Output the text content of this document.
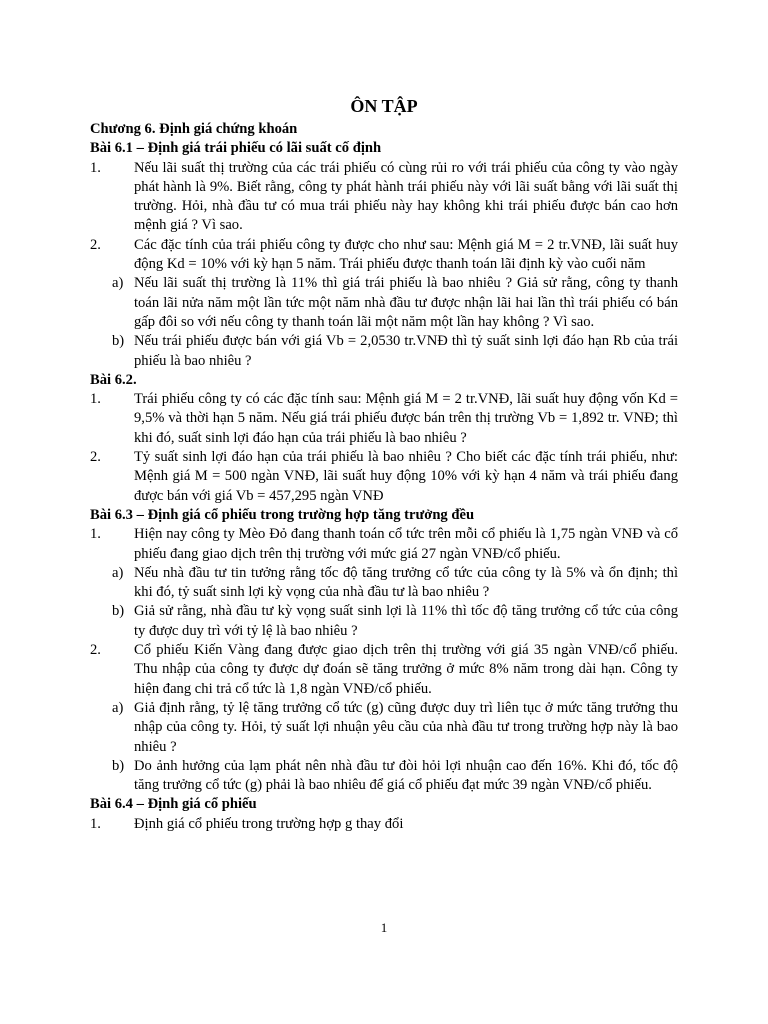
ÔN TẬP
Chương 6. Định giá chứng khoán
Bài 6.1 – Định giá trái phiếu có lãi suất cố định
1. Nếu lãi suất thị trường của các trái phiếu có cùng rủi ro với trái phiếu của công ty vào ngày phát hành là 9%. Biết rằng, công ty phát hành trái phiếu này với lãi suất bằng với lãi suất thị trường. Hỏi, nhà đầu tư có mua trái phiếu này hay không khi trái phiếu được bán cao hơn mệnh giá ? Vì sao.
2. Các đặc tính của trái phiếu công ty được cho như sau: Mệnh giá M = 2 tr.VNĐ, lãi suất huy động Kd = 10% với kỳ hạn 5 năm. Trái phiếu được thanh toán lãi định kỳ vào cuối năm
a) Nếu lãi suất thị trường là 11% thì giá trái phiếu là bao nhiêu ? Giả sử rằng, công ty thanh toán lãi nửa năm một lần tức một năm nhà đầu tư được nhận lãi hai lần thì trái phiếu có bán gấp đôi so với nếu công ty thanh toán lãi một năm một lần hay không ? Vì sao.
b) Nếu trái phiếu được bán với giá Vb = 2,0530 tr.VNĐ thì tỷ suất sinh lợi đáo hạn Rb của trái phiếu là bao nhiêu ?
Bài 6.2.
1. Trái phiếu công ty có các đặc tính sau: Mệnh giá M = 2 tr.VNĐ, lãi suất huy động vốn Kd = 9,5% và thời hạn 5 năm. Nếu giá trái phiếu được bán trên thị trường Vb = 1,892 tr. VNĐ; thì khi đó, suất sinh lợi đáo hạn của trái phiếu là bao nhiêu ?
2. Tỷ suất sinh lợi đáo hạn của trái phiếu là bao nhiêu ? Cho biết các đặc tính trái phiếu, như: Mệnh giá M = 500 ngàn VNĐ, lãi suất huy động 10% với kỳ hạn 4 năm và trái phiếu đang được bán với giá Vb = 457,295 ngàn VNĐ
Bài 6.3 – Định giá cổ phiếu trong trường hợp tăng trưởng đều
1. Hiện nay công ty Mèo Đỏ đang thanh toán cổ tức trên mỗi cổ phiếu là 1,75 ngàn VNĐ và cổ phiếu đang giao dịch trên thị trường với mức giá 27 ngàn VNĐ/cổ phiếu.
a) Nếu nhà đầu tư tin tưởng rằng tốc độ tăng trưởng cổ tức của công ty là 5% và ổn định; thì khi đó, tỷ suất sinh lợi kỳ vọng của nhà đầu tư là bao nhiêu ?
b) Giả sử rằng, nhà đầu tư kỳ vọng suất sinh lợi là 11% thì tốc độ tăng trưởng cổ tức của công ty được duy trì với tỷ lệ là bao nhiêu ?
2. Cổ phiếu Kiến Vàng đang được giao dịch trên thị trường với giá 35 ngàn VNĐ/cổ phiếu. Thu nhập của công ty được dự đoán sẽ tăng trưởng ở mức 8% năm trong dài hạn. Công ty hiện đang chi trả cổ tức là 1,8 ngàn VNĐ/cổ phiếu.
a) Giả định rằng, tỷ lệ tăng trưởng cổ tức (g) cũng được duy trì liên tục ở mức tăng trưởng thu nhập của công ty. Hỏi, tỷ suất lợi nhuận yêu cầu của nhà đầu tư trong trường hợp này là bao nhiêu ?
b) Do ảnh hưởng của lạm phát nên nhà đầu tư đòi hỏi lợi nhuận cao đến 16%. Khi đó, tốc độ tăng trưởng cổ tức (g) phải là bao nhiêu để giá cổ phiếu đạt mức 39 ngàn VNĐ/cổ phiếu.
Bài 6.4 – Định giá cổ phiếu
1. Định giá cổ phiếu trong trường hợp g thay đổi
1
